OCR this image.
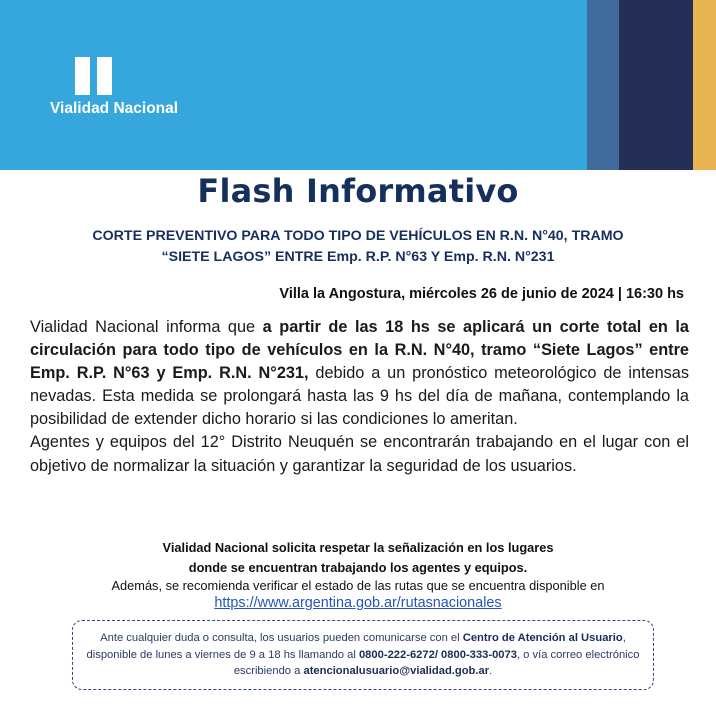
Vialidad Nacional
Flash Informativo
CORTE PREVENTIVO PARA TODO TIPO DE VEHÍCULOS EN R.N. N°40, TRAMO
“SIETE LAGOS” ENTRE Emp. R.P. N°63 Y Emp. R.N. N°231
Villa la Angostura, miércoles 26 de junio de 2024 | 16:30 hs

Vialidad Nacional informa que a partir de las 18 hs se aplicará un corte total en la circulación para todo tipo de vehículos en la R.N. N°40, tramo “Siete Lagos” entre Emp. R.P. N°63 y Emp. R.N. N°231, debido a un pronóstico meteorológico de intensas nevadas. Esta medida se prolongará hasta las 9 hs del día de mañana, contemplando la posibilidad de extender dicho horario si las condiciones lo ameritan.

Agentes y equipos del 12° Distrito Neuquén se encontrarán trabajando en el lugar con el objetivo de normalizar la situación y garantizar la seguridad de los usuarios.

Vialidad Nacional solicita respetar la señalización en los lugares
donde se encuentran trabajando los agentes y equipos.
Además, se recomienda verificar el estado de las rutas que se encuentra disponible en
https://www.argentina.gob.ar/rutasnacionales
Ante cualquier duda o consulta, los usuarios pueden comunicarse con el Centro de Atención al Usuario, disponible de lunes a viernes de 9 a 18 hs llamando al 0800-222-6272/ 0800-333-0073, o vía correo electrónico escribiendo a atencionalusuario@vialidad.gob.ar.
